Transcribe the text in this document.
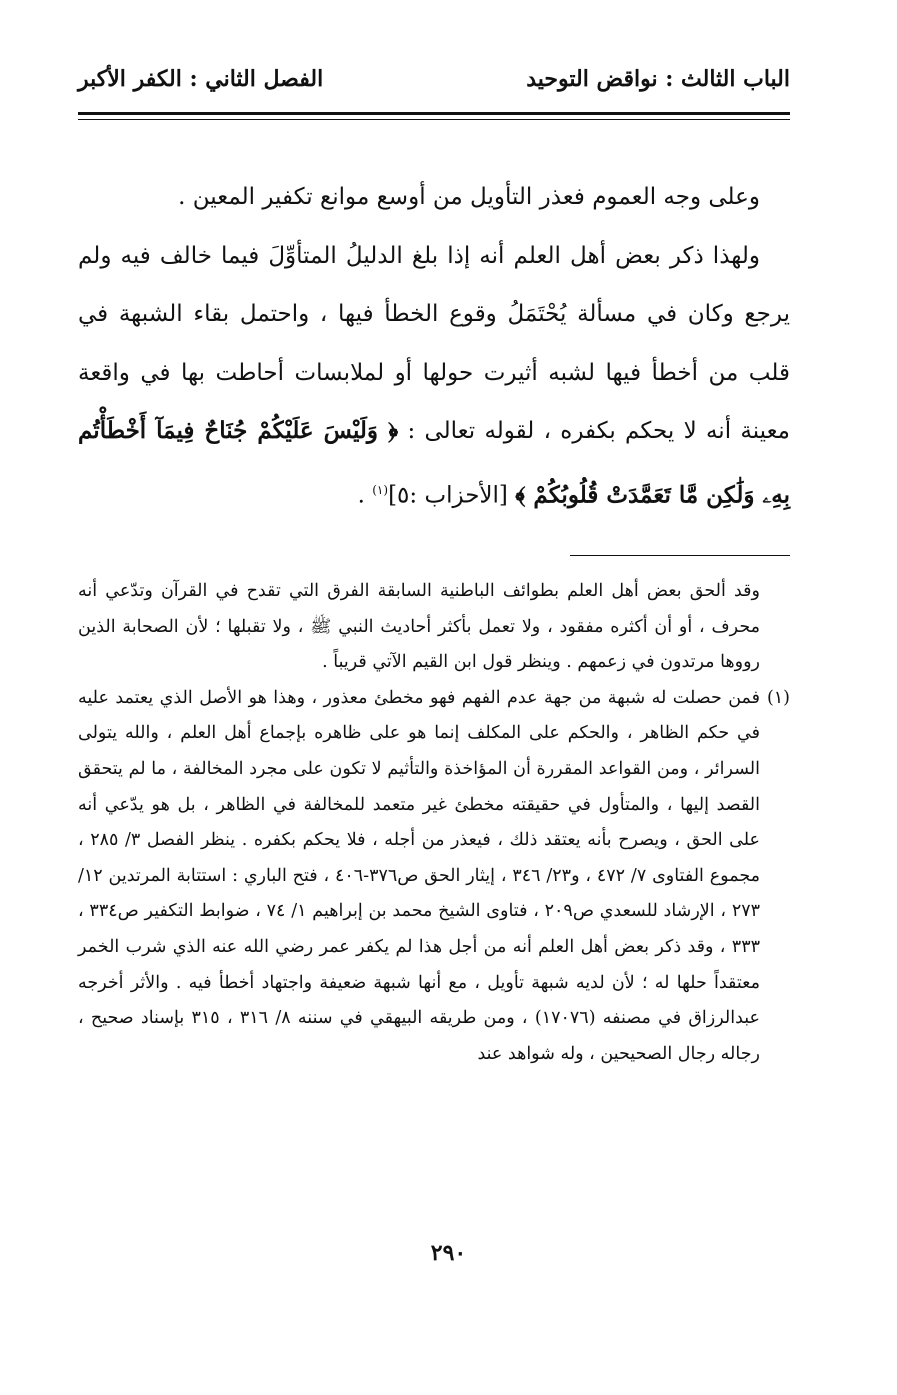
الباب الثالث : نواقض التوحيد
الفصل الثاني : الكفر الأكبر

وعلى وجه العموم فعذر التأويل من أوسع موانع تكفير المعين .

ولهذا ذكر بعض أهل العلم أنه إذا بلغ الدليلُ المتأوِّلَ فيما خالف فيه ولم يرجع وكان في مسألة يُحْتَمَلُ وقوع الخطأ فيها ، واحتمل بقاء الشبهة في قلب من أخطأ فيها لشبه أثيرت حولها أو لملابسات أحاطت بها في واقعة معينة أنه لا يحكم بكفره ، لقوله تعالى : ﴿ وَلَيْسَ عَلَيْكُمْ جُنَاحٌ فِيمَآ أَخْطَأْتُم بِهِۦ وَلَٰكِن مَّا تَعَمَّدَتْ قُلُوبُكُمْ ﴾ [الأحزاب :٥]$^{(١)}$ .

وقد ألحق بعض أهل العلم بطوائف الباطنية السابقة الفرق التي تقدح في القرآن وتدّعي أنه محرف ، أو أن أكثره مفقود ، ولا تعمل بأكثر أحاديث النبي ﷺ ، ولا تقبلها ؛ لأن الصحابة الذين رووها مرتدون في زعمهم . وينظر قول ابن القيم الآتي قريباً .

(١)
فمن حصلت له شبهة من جهة عدم الفهم فهو مخطئ معذور ، وهذا هو الأصل الذي يعتمد عليه في حكم الظاهر ، والحكم على المكلف إنما هو على ظاهره بإجماع أهل العلم ، والله يتولى السرائر ، ومن القواعد المقررة أن المؤاخذة والتأثيم لا تكون على مجرد المخالفة ، ما لم يتحقق القصد إليها ، والمتأول في حقيقته مخطئ غير متعمد للمخالفة في الظاهر ، بل هو يدّعي أنه على الحق ، ويصرح بأنه يعتقد ذلك ، فيعذر من أجله ، فلا يحكم بكفره . ينظر الفصل ٣/ ٢٨٥ ، مجموع الفتاوى ٧/ ٤٧٢ ، و٢٣/ ٣٤٦ ، إيثار الحق ص٣٧٦-٤٠٦ ، فتح الباري : استتابة المرتدين ١٢/ ٢٧٣ ، الإرشاد للسعدي ص٢٠٩ ، فتاوى الشيخ محمد بن إبراهيم ١/ ٧٤ ، ضوابط التكفير ص٣٣٤ ، ٣٣٣ ، وقد ذكر بعض أهل العلم أنه من أجل هذا لم يكفر عمر رضي الله عنه الذي شرب الخمر معتقداً حلها له ؛ لأن لديه شبهة تأويل ، مع أنها شبهة ضعيفة واجتهاد أخطأ فيه . والأثر أخرجه عبدالرزاق في مصنفه (١٧٠٧٦) ، ومن طريقه البيهقي في سننه ٨/ ٣١٦ ، ٣١٥ بإسناد صحيح ، رجاله رجال الصحيحين ، وله شواهد عند
٢٩٠
